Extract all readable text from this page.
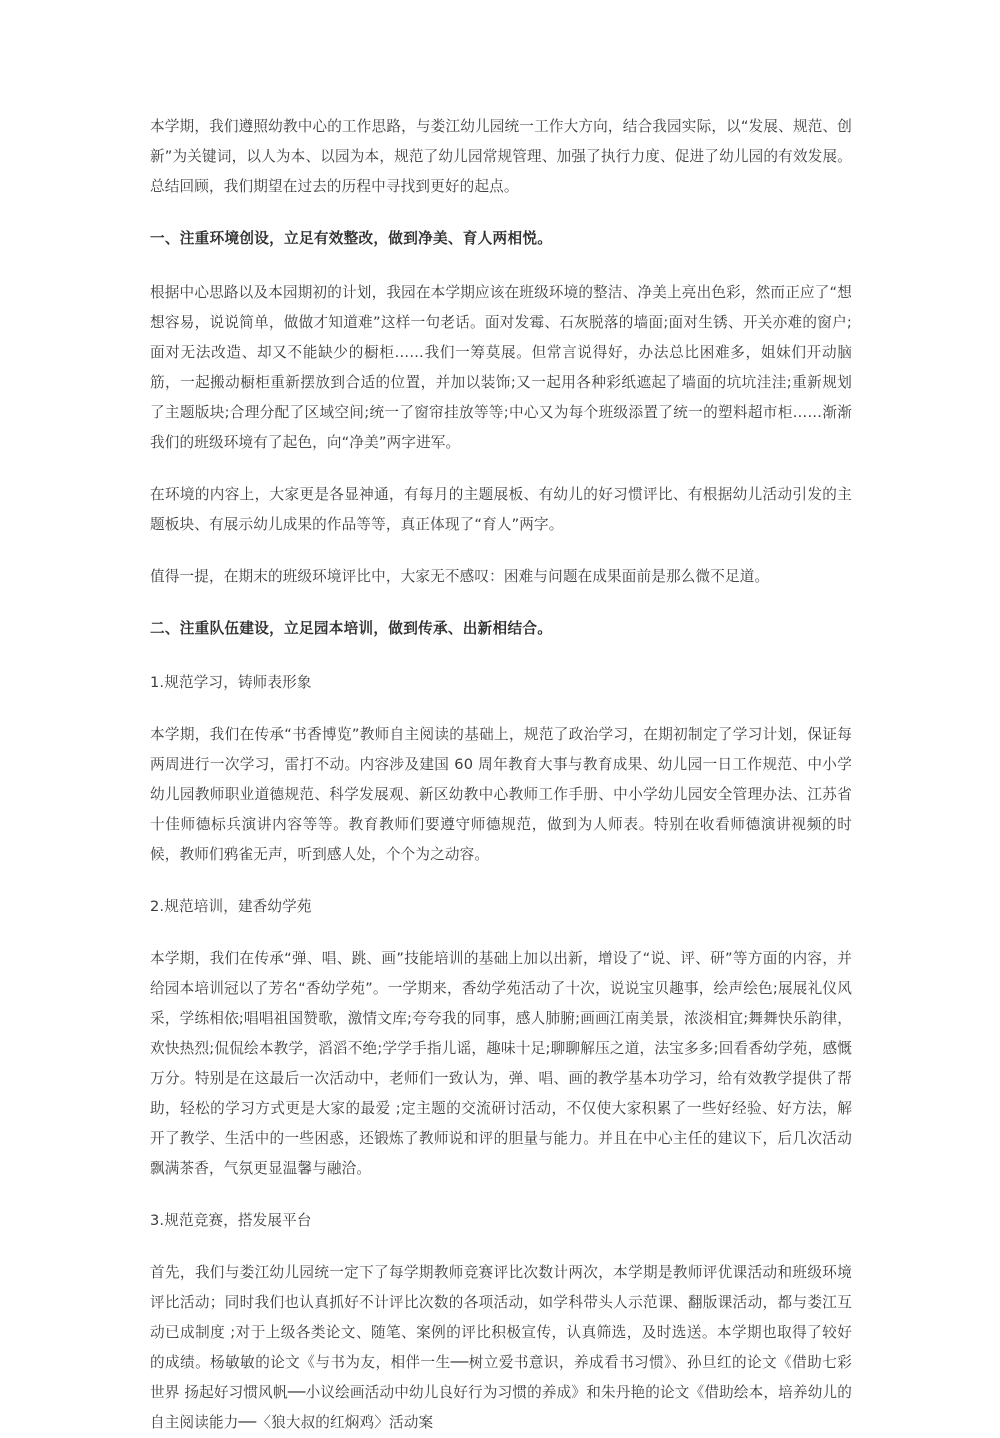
本学期，我们遵照幼教中心的工作思路，与娄江幼儿园统一工作大方向，结合我园实际，以“发展、规范、创新”为关键词，以人为本、以园为本，规范了幼儿园常规管理、加强了执行力度、促进了幼儿园的有效发展。总结回顾，我们期望在过去的历程中寻找到更好的起点。

一、注重环境创设，立足有效整改，做到净美、育人两相悦。

根据中心思路以及本园期初的计划，我园在本学期应该在班级环境的整洁、净美上亮出色彩，然而正应了“想想容易，说说简单，做做才知道难”这样一句老话。面对发霉、石灰脱落的墙面;面对生锈、开关亦难的窗户;面对无法改造、却又不能缺少的橱柜……我们一筹莫展。但常言说得好，办法总比困难多，姐妹们开动脑筋，一起搬动橱柜重新摆放到合适的位置，并加以装饰;又一起用各种彩纸遮起了墙面的坑坑洼洼;重新规划了主题版块;合理分配了区域空间;统一了窗帘挂放等等;中心又为每个班级添置了统一的塑料超市柜……渐渐我们的班级环境有了起色，向“净美”两字进军。

在环境的内容上，大家更是各显神通，有每月的主题展板、有幼儿的好习惯评比、有根据幼儿活动引发的主题板块、有展示幼儿成果的作品等等，真正体现了“育人”两字。

值得一提，在期末的班级环境评比中，大家无不感叹：困难与问题在成果面前是那么微不足道。

二、注重队伍建设，立足园本培训，做到传承、出新相结合。

1.规范学习，铸师表形象

本学期，我们在传承“书香博览”教师自主阅读的基础上，规范了政治学习，在期初制定了学习计划，保证每两周进行一次学习，雷打不动。内容涉及建国 60 周年教育大事与教育成果、幼儿园一日工作规范、中小学幼儿园教师职业道德规范、科学发展观、新区幼教中心教师工作手册、中小学幼儿园安全管理办法、江苏省十佳师德标兵演讲内容等等。教育教师们要遵守师德规范，做到为人师表。特别在收看师德演讲视频的时候，教师们鸦雀无声，听到感人处，个个为之动容。

2.规范培训，建香幼学苑

本学期，我们在传承“弹、唱、跳、画”技能培训的基础上加以出新，增设了“说、评、研”等方面的内容，并给园本培训冠以了芳名“香幼学苑”。一学期来，香幼学苑活动了十次，说说宝贝趣事，绘声绘色;展展礼仪风采，学练相依;唱唱祖国赞歌，激情文库;夸夸我的同事，感人肺腑;画画江南美景，浓淡相宜;舞舞快乐韵律，欢快热烈;侃侃绘本教学，滔滔不绝;学学手指儿谣，趣味十足;聊聊解压之道，法宝多多;回看香幼学苑，感慨万分。特别是在这最后一次活动中，老师们一致认为，弹、唱、画的教学基本功学习，给有效教学提供了帮助，轻松的学习方式更是大家的最爱 ;定主题的交流研讨活动，不仅使大家积累了一些好经验、好方法，解开了教学、生活中的一些困惑，还锻炼了教师说和评的胆量与能力。并且在中心主任的建议下，后几次活动飘满茶香，气氛更显温馨与融洽。

3.规范竞赛，搭发展平台

首先，我们与娄江幼儿园统一定下了每学期教师竞赛评比次数计两次，本学期是教师评优课活动和班级环境评比活动；同时我们也认真抓好不计评比次数的各项活动，如学科带头人示范课、翻版课活动，都与娄江互动已成制度 ;对于上级各类论文、随笔、案例的评比积极宣传，认真筛选，及时选送。本学期也取得了较好的成绩。杨敏敏的论文《与书为友，相伴一生──树立爱书意识，养成看书习惯》、孙旦红的论文《借助七彩世界 扬起好习惯风帆──小议绘画活动中幼儿良好行为习惯的养成》和朱丹艳的论文《借助绘本，培养幼儿的自主阅读能力──〈狼大叔的红焖鸡〉活动案
